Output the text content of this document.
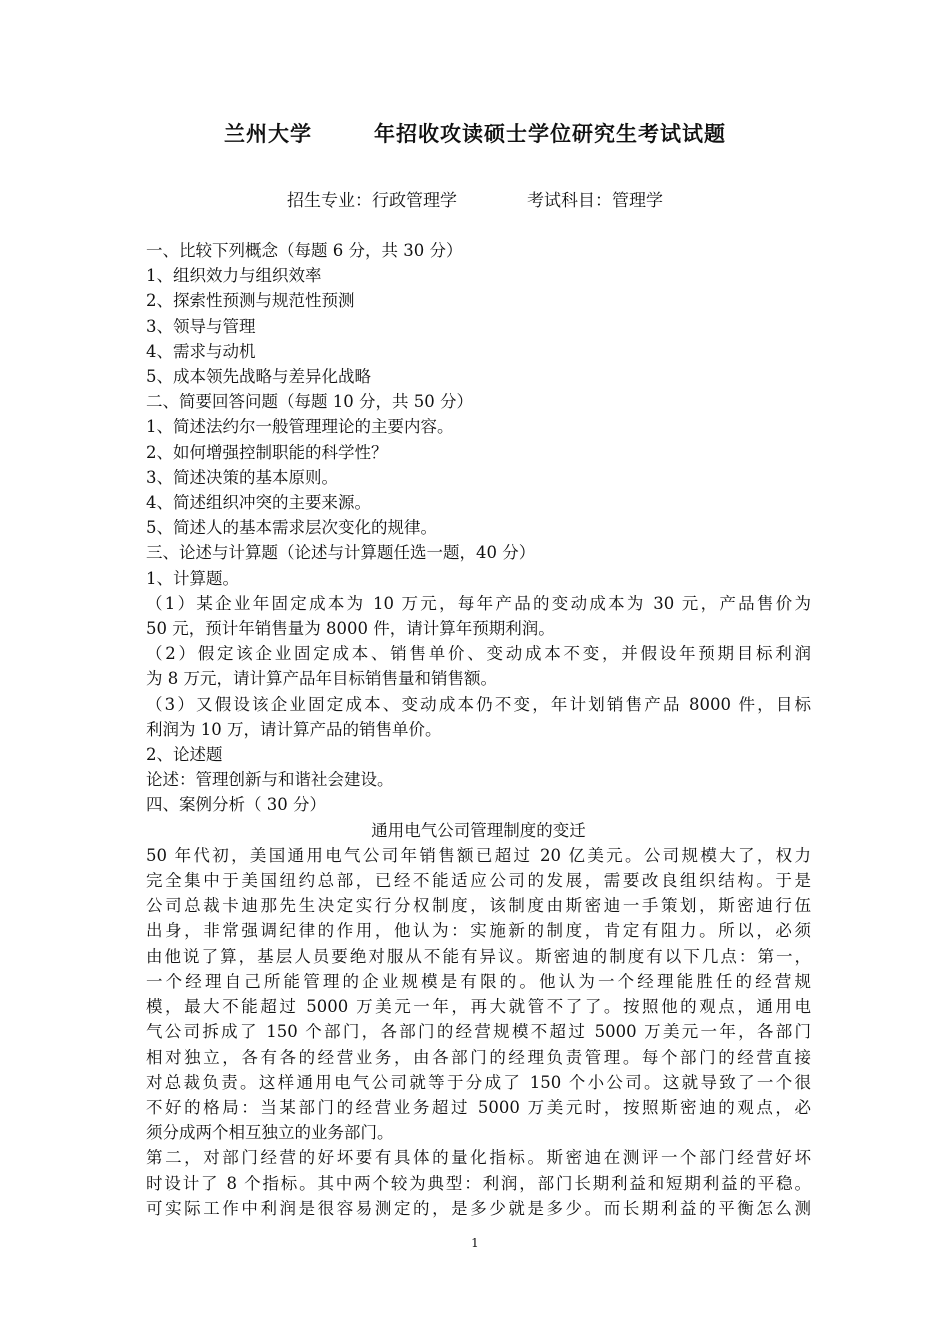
兰州大学	年招收攻读硕士学位研究生考试试题
招生专业：行政管理学	考试科目：管理学
一、比较下列概念（每题 6 分，共 30 分）
1、组织效力与组织效率
2、探索性预测与规范性预测
3、领导与管理
4、需求与动机
5、成本领先战略与差异化战略
二、简要回答问题（每题 10 分，共 50 分）
1、简述法约尔一般管理理论的主要内容。
2、如何增强控制职能的科学性？
3、简述决策的基本原则。
4、简述组织冲突的主要来源。
5、简述人的基本需求层次变化的规律。
三、论述与计算题（论述与计算题任选一题，40 分）
1、计算题。
（1）某企业年固定成本为 10 万元，每年产品的变动成本为 30 元，产品售价为
50 元，预计年销售量为 8000 件，请计算年预期利润。
（2）假定该企业固定成本、销售单价、变动成本不变，并假设年预期目标利润
为 8 万元，请计算产品年目标销售量和销售额。
（3）又假设该企业固定成本、变动成本仍不变，年计划销售产品 8000 件，目标
利润为 10 万，请计算产品的销售单价。
2、论述题
论述：管理创新与和谐社会建设。
四、案例分析（ 30 分）
通用电气公司管理制度的变迁
50 年代初，美国通用电气公司年销售额已超过 20 亿美元。公司规模大了，权力
完全集中于美国纽约总部，已经不能适应公司的发展，需要改良组织结构。于是
公司总裁卡迪那先生决定实行分权制度，该制度由斯密迪一手策划，斯密迪行伍
出身，非常强调纪律的作用，他认为：实施新的制度，肯定有阻力。所以，必须
由他说了算，基层人员要绝对服从不能有异议。斯密迪的制度有以下几点：第一，
一个经理自己所能管理的企业规模是有限的。他认为一个经理能胜任的经营规
模，最大不能超过 5000 万美元一年，再大就管不了了。按照他的观点，通用电
气公司拆成了 150 个部门，各部门的经营规模不超过 5000 万美元一年，各部门
相对独立，各有各的经营业务，由各部门的经理负责管理。每个部门的经营直接
对总裁负责。这样通用电气公司就等于分成了 150 个小公司。这就导致了一个很
不好的格局：当某部门的经营业务超过 5000 万美元时，按照斯密迪的观点，必
须分成两个相互独立的业务部门。
第二，对部门经营的好坏要有具体的量化指标。斯密迪在测评一个部门经营好坏
时设计了 8 个指标。其中两个较为典型：利润，部门长期利益和短期利益的平稳。
可实际工作中利润是很容易测定的，是多少就是多少。而长期利益的平衡怎么测
1
